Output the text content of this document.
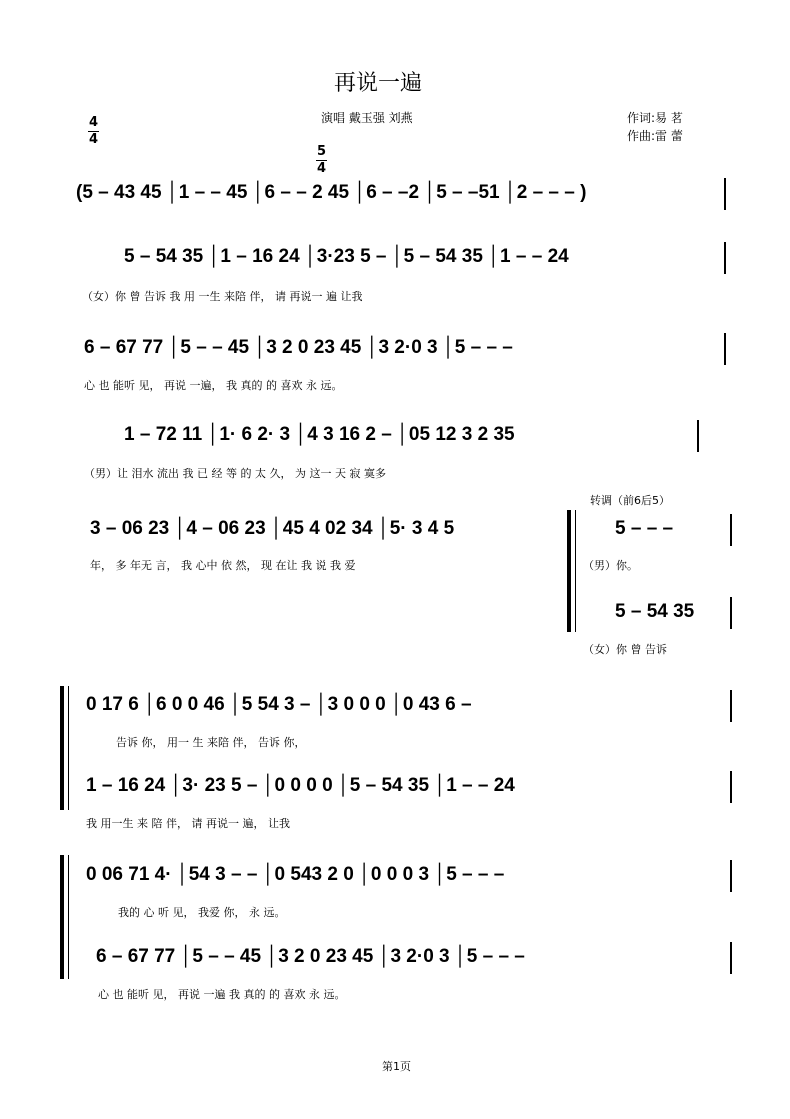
再说一遍
演唱 戴玉强 刘燕	作词:易 茗
作曲:雷 蕾
4
4
5
4
(5 – 43 45 │1 – – 45 │6 – – 2 45 │6 – –2 │5 – –51 │2 – – – )
5 – 54 35 │1 – 16 24 │3·23 5 – │5 – 54 35 │1 – – 24
（女）你 曾 告诉 我 用 一生 来陪 伴， 请 再说一 遍 让我
6 – 67 77 │5 – – 45 │3 2 0 23 45 │3 2·0 3 │5 – – –
心 也 能听 见， 再说 一遍， 我 真的 的 喜欢 永 远。
1 – 72 11 │1· 6 2· 3 │4 3 16 2 – │05 12 3 2 35
（男）让 泪水 流出 我 已 经 等 的 太 久， 为 这一 天 寂 寞多
3 – 06 23 │4 – 06 23 │45 4 02 34 │5· 3 4 5
年， 多 年无 言， 我 心中 依 然， 现 在让 我 说 我 爱
转调（前6后5）
5 – – –
（男）你。
5 – 54 35
（女）你 曾 告诉
0 17 6 │6 0 0 46 │5 54 3 – │3 0 0 0 │0 43 6 –
告诉 你， 用一 生 来陪 伴， 告诉 你，
1 – 16 24 │3· 23 5 – │0 0 0 0 │5 – 54 35 │1 – – 24
我 用一生 来 陪 伴， 请 再说一 遍， 让我
0 06 71 4· │54 3 – – │0 543 2 0 │0 0 0 3 │5 – – –
我的 心 听 见， 我爱 你， 永 远。
6 – 67 77 │5 – – 45 │3 2 0 23 45 │3 2·0 3 │5 – – –
心 也 能听 见， 再说 一遍 我 真的 的 喜欢 永 远。
第1页
